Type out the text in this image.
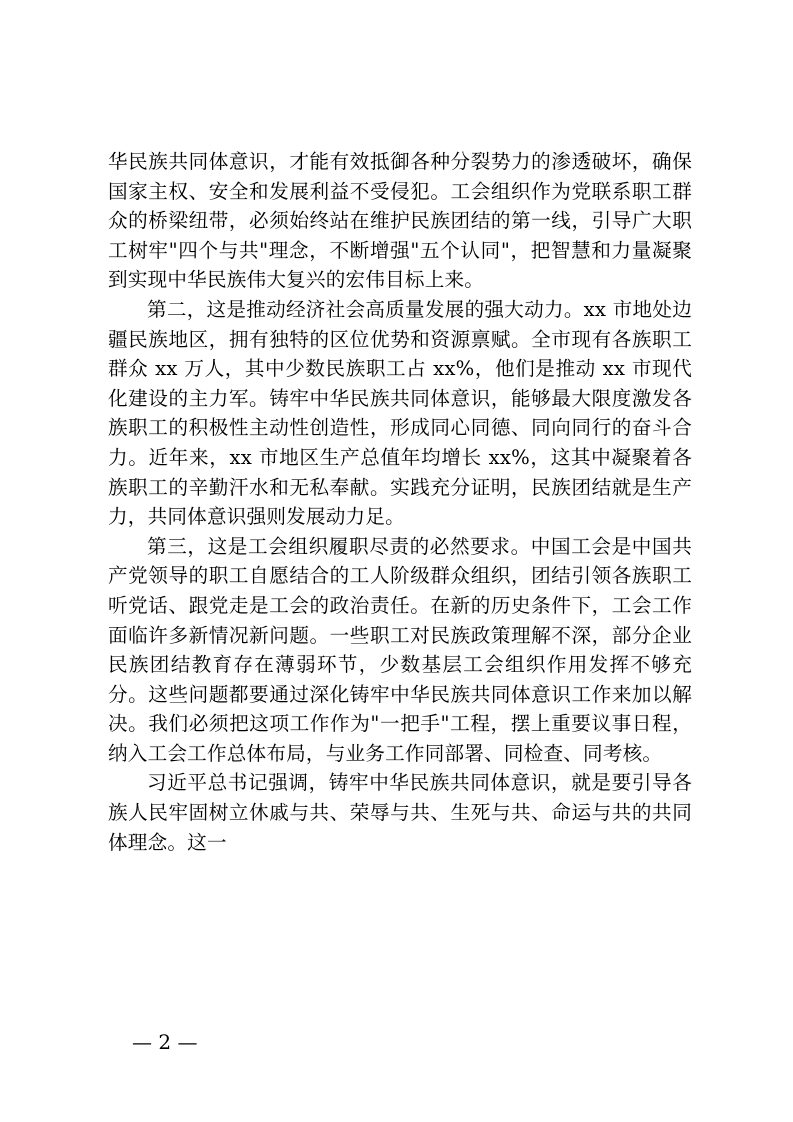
华民族共同体意识，才能有效抵御各种分裂势力的渗透破坏，确保国家主权、安全和发展利益不受侵犯。工会组织作为党联系职工群众的桥梁纽带，必须始终站在维护民族团结的第一线，引导广大职工树牢"四个与共"理念，不断增强"五个认同"，把智慧和力量凝聚到实现中华民族伟大复兴的宏伟目标上来。

第二，这是推动经济社会高质量发展的强大动力。xx 市地处边疆民族地区，拥有独特的区位优势和资源禀赋。全市现有各族职工群众 xx 万人，其中少数民族职工占 xx%，他们是推动 xx 市现代化建设的主力军。铸牢中华民族共同体意识，能够最大限度激发各族职工的积极性主动性创造性，形成同心同德、同向同行的奋斗合力。近年来，xx 市地区生产总值年均增长 xx%，这其中凝聚着各族职工的辛勤汗水和无私奉献。实践充分证明，民族团结就是生产力，共同体意识强则发展动力足。

第三，这是工会组织履职尽责的必然要求。中国工会是中国共产党领导的职工自愿结合的工人阶级群众组织，团结引领各族职工听党话、跟党走是工会的政治责任。在新的历史条件下，工会工作面临许多新情况新问题。一些职工对民族政策理解不深，部分企业民族团结教育存在薄弱环节，少数基层工会组织作用发挥不够充分。这些问题都要通过深化铸牢中华民族共同体意识工作来加以解决。我们必须把这项工作作为"一把手"工程，摆上重要议事日程，纳入工会工作总体布局，与业务工作同部署、同检查、同考核。

习近平总书记强调，铸牢中华民族共同体意识，就是要引导各族人民牢固树立休戚与共、荣辱与共、生死与共、命运与共的共同体理念。这一

— 2 —
